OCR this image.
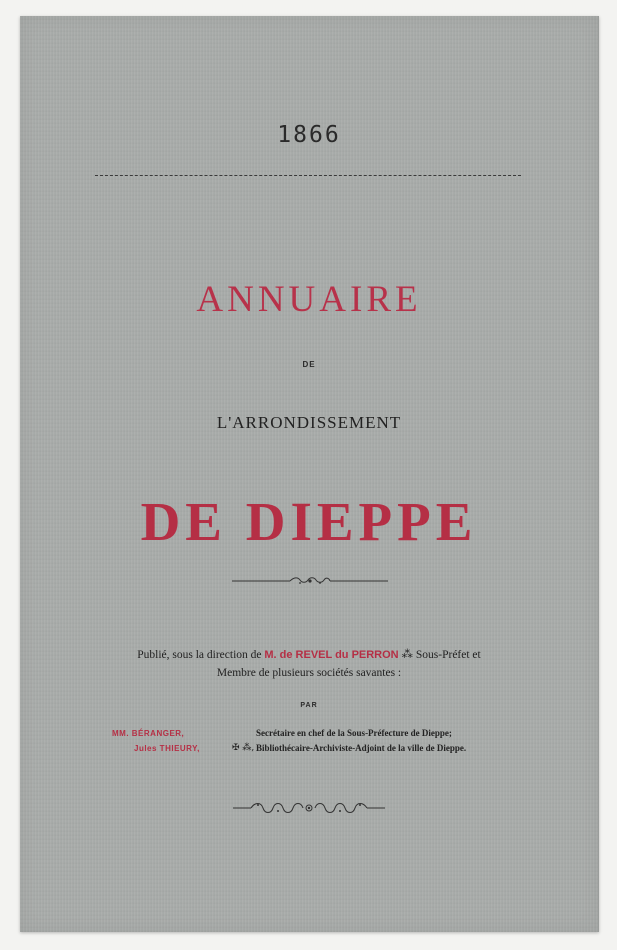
1866
ANNUAIRE
DE
L'ARRONDISSEMENT
DE DIEPPE
Publié, sous la direction de M. de REVEL du PERRON ⁂ Sous-Préfet et
Membre de plusieurs sociétés savantes :
PAR
MM. BÉRANGER,	Secrétaire en chef de la Sous-Préfecture de Dieppe;
Jules THIEURY,	✠ ⁂, Bibliothécaire-Archiviste-Adjoint de la ville de Dieppe.
